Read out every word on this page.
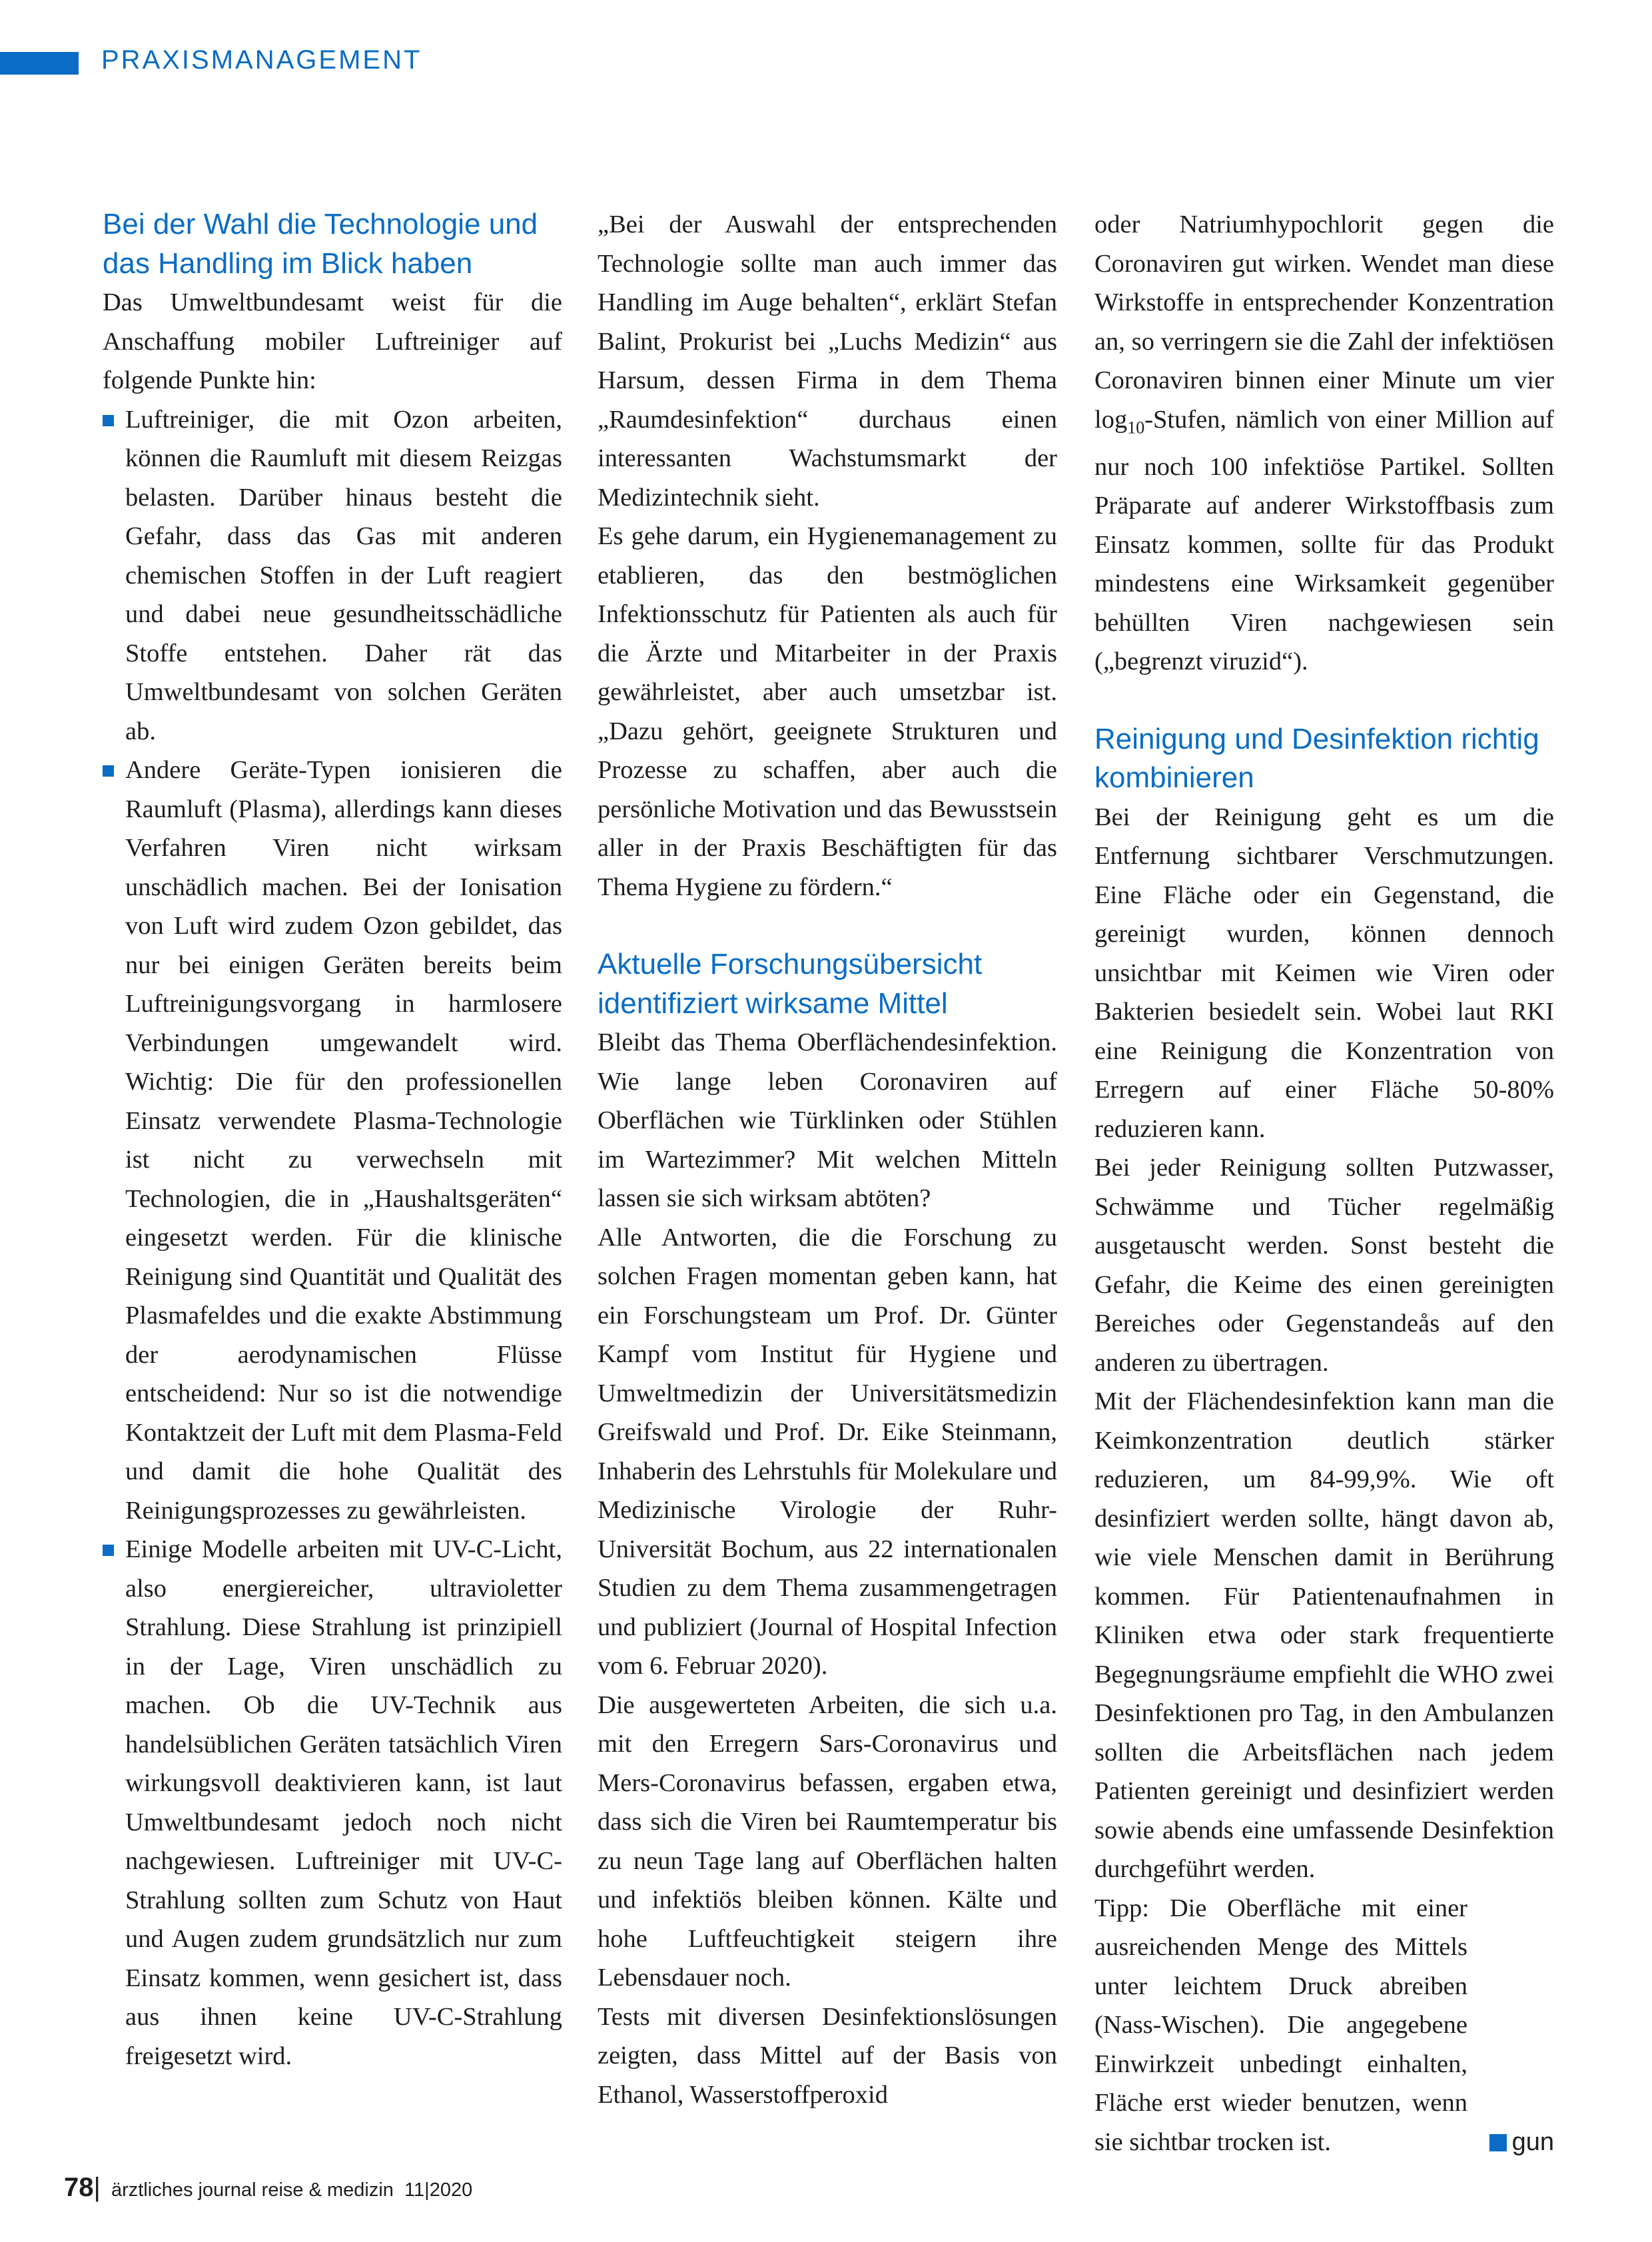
PRAXISMANAGEMENT
Bei der Wahl die Technologie und das Handling im Blick haben

Das Umweltbundesamt weist für die Anschaffung mobiler Luftreiniger auf folgende Punkte hin:

Luftreiniger, die mit Ozon arbeiten, können die Raumluft mit diesem Reizgas belasten. Darüber hinaus besteht die Gefahr, dass das Gas mit anderen chemischen Stoffen in der Luft reagiert und dabei neue gesundheitsschädliche Stoffe entstehen. Daher rät das Umweltbundesamt von solchen Geräten ab.
Andere Geräte-Typen ionisieren die Raumluft (Plasma), allerdings kann dieses Verfahren Viren nicht wirksam unschädlich machen. Bei der Ionisation von Luft wird zudem Ozon gebildet, das nur bei einigen Geräten bereits beim Luftreinigungsvorgang in harmlosere Verbindungen umgewandelt wird. Wichtig: Die für den professionellen Einsatz verwendete Plasma-Technologie ist nicht zu verwechseln mit Technologien, die in „Haushaltsgeräten“ eingesetzt werden. Für die klinische Reinigung sind Quantität und Qualität des Plasmafeldes und die exakte Abstimmung der aerodynamischen Flüsse entscheidend: Nur so ist die notwendige Kontaktzeit der Luft mit dem Plasma-Feld und damit die hohe Qualität des Reinigungsprozesses zu gewährleisten.
Einige Modelle arbeiten mit UV-C-Licht, also energiereicher, ultravioletter Strahlung. Diese Strahlung ist prinzipiell in der Lage, Viren unschädlich zu machen. Ob die UV-Technik aus handelsüblichen Geräten tatsächlich Viren wirkungsvoll deaktivieren kann, ist laut Umweltbundesamt jedoch noch nicht nachgewiesen. Luftreiniger mit UV-C-Strahlung sollten zum Schutz von Haut und Augen zudem grundsätzlich nur zum Einsatz kommen, wenn gesichert ist, dass aus ihnen keine UV-C-Strahlung freigesetzt wird.

„Bei der Auswahl der entsprechenden Technologie sollte man auch immer das Handling im Auge behalten“, erklärt Stefan Balint, Prokurist bei „Luchs Medizin“ aus Harsum, dessen Firma in dem Thema „Raumdesinfektion“ durchaus einen interessanten Wachstumsmarkt der Medizintechnik sieht.

Es gehe darum, ein Hygienemanagement zu etablieren, das den bestmöglichen Infektionsschutz für Patienten als auch für die Ärzte und Mitarbeiter in der Praxis gewährleistet, aber auch umsetzbar ist. „Dazu gehört, geeignete Strukturen und Prozesse zu schaffen, aber auch die persönliche Motivation und das Bewusstsein aller in der Praxis Beschäftigten für das Thema Hygiene zu fördern.“

Aktuelle Forschungsübersicht identifiziert wirksame Mittel

Bleibt das Thema Oberflächendesinfektion. Wie lange leben Coronaviren auf Oberflächen wie Türklinken oder Stühlen im Wartezimmer? Mit welchen Mitteln lassen sie sich wirksam abtöten?

Alle Antworten, die die Forschung zu solchen Fragen momentan geben kann, hat ein Forschungsteam um Prof. Dr. Günter Kampf vom Institut für Hygiene und Umweltmedizin der Universitätsmedizin Greifswald und Prof. Dr. Eike Steinmann, Inhaberin des Lehrstuhls für Molekulare und Medizinische Virologie der Ruhr-Universität Bochum, aus 22 internationalen Studien zu dem Thema zusammengetragen und publiziert (Journal of Hospital Infection vom 6. Februar 2020).

Die ausgewerteten Arbeiten, die sich u.a. mit den Erregern Sars-Coronavirus und Mers-Coronavirus befassen, ergaben etwa, dass sich die Viren bei Raumtemperatur bis zu neun Tage lang auf Oberflächen halten und infektiös bleiben können. Kälte und hohe Luftfeuchtigkeit steigern ihre Lebensdauer noch.

Tests mit diversen Desinfektionslösungen zeigten, dass Mittel auf der Basis von Ethanol, Wasserstoffperoxid

oder Natriumhypochlorit gegen die Coronaviren gut wirken. Wendet man diese Wirkstoffe in entsprechender Konzentration an, so verringern sie die Zahl der infektiösen Coronaviren binnen einer Minute um vier $\log_{10}$-Stufen, nämlich von einer Million auf nur noch 100 infektiöse Partikel. Sollten Präparate auf anderer Wirkstoffbasis zum Einsatz kommen, sollte für das Produkt mindestens eine Wirksamkeit gegenüber behüllten Viren nachgewiesen sein („begrenzt viruzid“).

Reinigung und Desinfektion richtig kombinieren

Bei der Reinigung geht es um die Entfernung sichtbarer Verschmutzungen. Eine Fläche oder ein Gegenstand, die gereinigt wurden, können dennoch unsichtbar mit Keimen wie Viren oder Bakterien besiedelt sein. Wobei laut RKI eine Reinigung die Konzentration von Erregern auf einer Fläche 50-80% reduzieren kann.

Bei jeder Reinigung sollten Putzwasser, Schwämme und Tücher regelmäßig ausgetauscht werden. Sonst besteht die Gefahr, die Keime des einen gereinigten Bereiches oder Gegenstandeås auf den anderen zu übertragen.

Mit der Flächendesinfektion kann man die Keimkonzentration deutlich stärker reduzieren, um 84-99,9%. Wie oft desinfiziert werden sollte, hängt davon ab, wie viele Menschen damit in Berührung kommen. Für Patientenaufnahmen in Kliniken etwa oder stark frequentierte Begegnungsräume empfiehlt die WHO zwei Desinfektionen pro Tag, in den Ambulanzen sollten die Arbeitsflächen nach jedem Patienten gereinigt und desinfiziert werden sowie abends eine umfassende Desinfektion durchgeführt werden.

Tipp: Die Oberfläche mit einer ausreichenden Menge des Mittels unter leichtem Druck abreiben (Nass-Wischen). Die angegebene Einwirkzeit unbedingt einhalten, Fläche erst wieder benutzen, wenn sie sichtbar trocken ist.	gun
78| ärztliches journal reise & medizin 11|2020
